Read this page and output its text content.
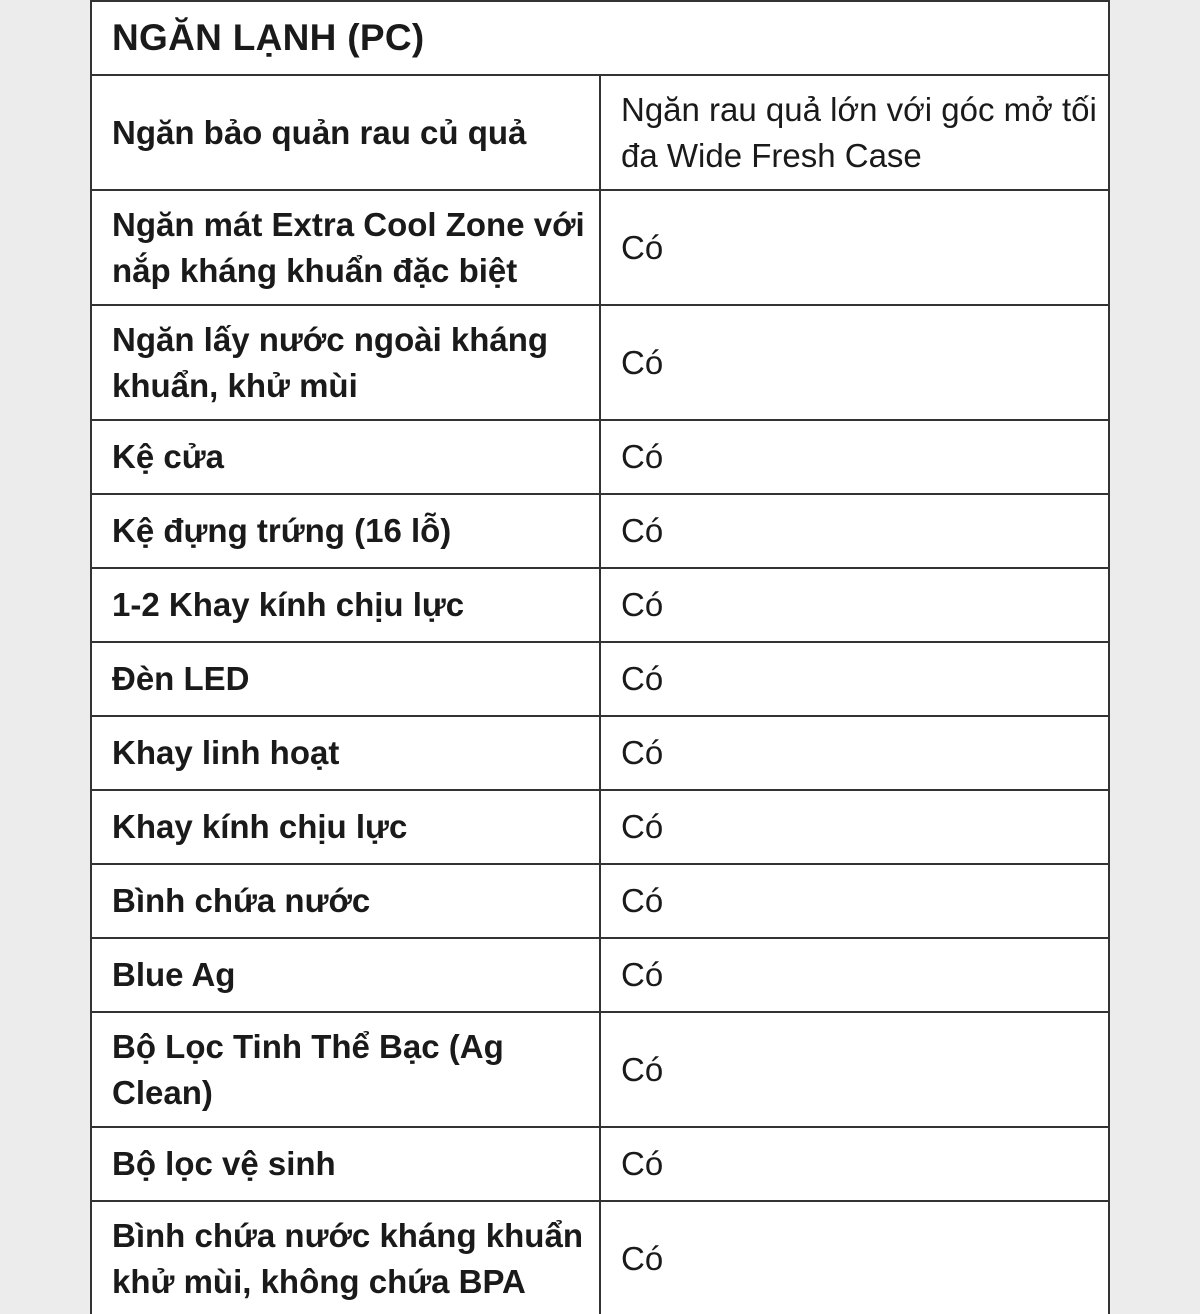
NGĂN LẠNH (PC)	
Ngăn bảo quản rau củ quả	Ngăn rau quả lớn với góc mở tối đa Wide Fresh Case
Ngăn mát Extra Cool Zone với nắp kháng khuẩn đặc biệt	Có
Ngăn lấy nước ngoài kháng khuẩn, khử mùi	Có
Kệ cửa	Có
Kệ đựng trứng (16 lỗ)	Có
1-2 Khay kính chịu lực	Có
Đèn LED	Có
Khay linh hoạt	Có
Khay kính chịu lực	Có
Bình chứa nước	Có
Blue Ag	Có
Bộ Lọc Tinh Thể Bạc (Ag Clean)	Có
Bộ lọc vệ sinh	Có
Bình chứa nước kháng khuẩn khử mùi, không chứa BPA	Có
